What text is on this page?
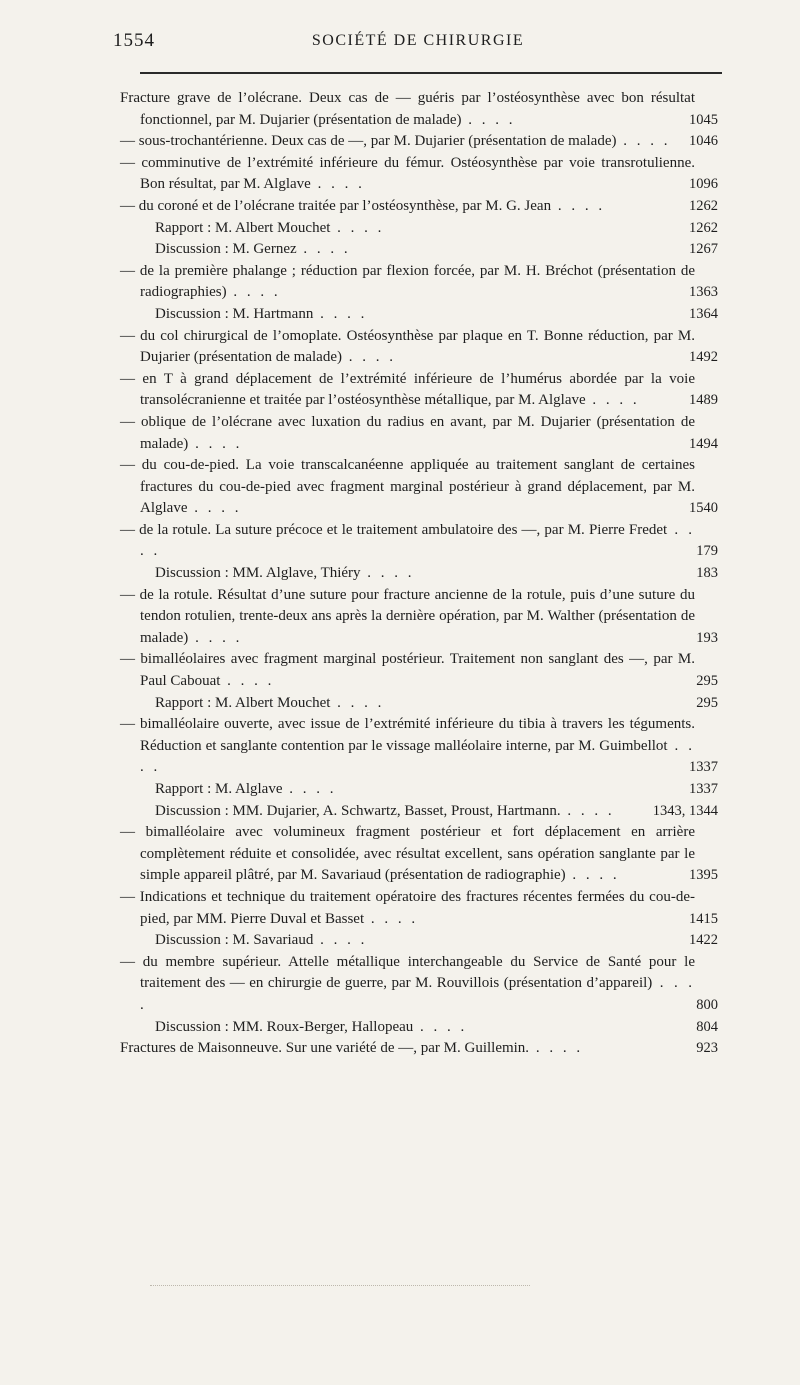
1554	SOCIÉTÉ DE CHIRURGIE
Fracture grave de l’olécrane. Deux cas de — guéris par l’ostéosynthèse avec bon résultat fonctionnel, par M. Dujarier (présentation de malade) . . . .	1045
— sous-trochantérienne. Deux cas de —, par M. Dujarier (présentation de malade) . . . . 1046
— comminutive de l’extrémité inférieure du fémur. Ostéosynthèse par voie transrotulienne. Bon résultat, par M. Alglave . . . .	1096
— du coroné et de l’olécrane traitée par l’ostéosynthèse, par M. G. Jean . . . .	1262
Rapport : M. Albert Mouchet . . . .	1262
Discussion : M. Gernez . . . .	1267
— de la première phalange ; réduction par flexion forcée, par M. H. Bréchot (présentation de radiographies) . . . .	1363
Discussion : M. Hartmann . . . .	1364
— du col chirurgical de l’omoplate. Ostéosynthèse par plaque en T. Bonne réduction, par M. Dujarier (présentation de malade) . . . .	1492
— en T à grand déplacement de l’extrémité inférieure de l’humérus abordée par la voie transolécranienne et traitée par l’ostéosynthèse métallique, par M. Alglave . . . .	1489
— oblique de l’olécrane avec luxation du radius en avant, par M. Dujarier (présentation de malade) . . . .	1494
— du cou-de-pied. La voie transcalcanéenne appliquée au traitement sanglant de certaines fractures du cou-de-pied avec fragment marginal postérieur à grand déplacement, par M. Alglave . . . .	1540
— de la rotule. La suture précoce et le traitement ambulatoire des —, par M. Pierre Fredet . . . .	179
Discussion : MM. Alglave, Thiéry . . . .	183
— de la rotule. Résultat d’une suture pour fracture ancienne de la rotule, puis d’une suture du tendon rotulien, trente-deux ans après la dernière opération, par M. Walther (présentation de malade) . . . .	193
— bimalléolaires avec fragment marginal postérieur. Traitement non sanglant des —, par M. Paul Cabouat . . . .	295
Rapport : M. Albert Mouchet . . . .	295
— bimalléolaire ouverte, avec issue de l’extrémité inférieure du tibia à travers les téguments. Réduction et sanglante contention par le vissage malléolaire interne, par M. Guimbellot . . . .	1337
Rapport : M. Alglave . . . .	1337
Discussion : MM. Dujarier, A. Schwartz, Basset, Proust, Hartmann. . . . .	1343, 1344
— bimalléolaire avec volumineux fragment postérieur et fort déplacement en arrière complètement réduite et consolidée, avec résultat excellent, sans opération sanglante par le simple appareil plâtré, par M. Savariaud (présentation de radiographie) . . . .	1395
— Indications et technique du traitement opératoire des fractures récentes fermées du cou-de-pied, par MM. Pierre Duval et Basset . . . .	1415
Discussion : M. Savariaud . . . .	1422
— du membre supérieur. Attelle métallique interchangeable du Service de Santé pour le traitement des — en chirurgie de guerre, par M. Rouvillois (présentation d’appareil) . . . .	800
Discussion : MM. Roux-Berger, Hallopeau . . . .	804
Fractures de Maisonneuve. Sur une variété de —, par M. Guillemin. . . . .	923
